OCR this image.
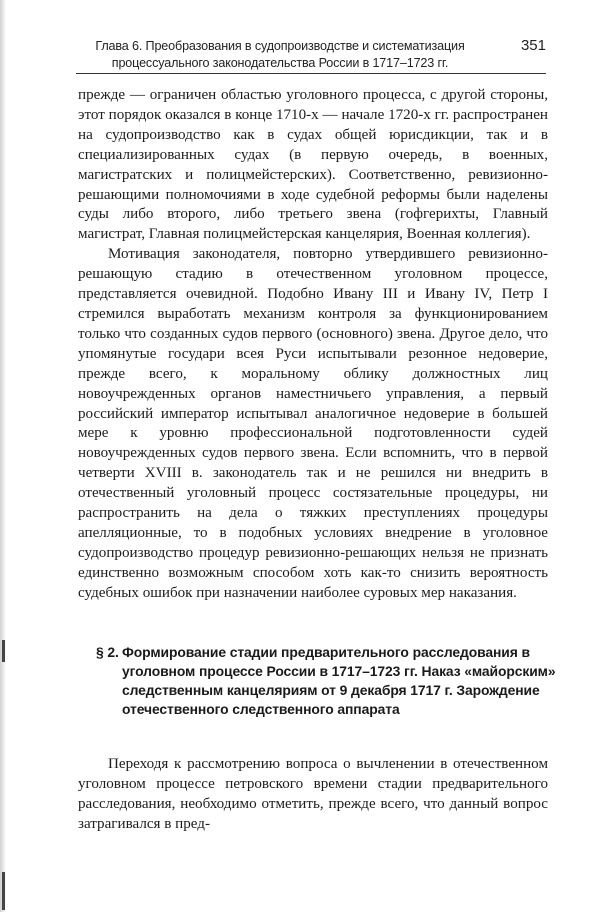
Глава 6. Преобразования в судопроизводстве и систематизация
процессуального законодательства России в 1717–1723 гг.
351

прежде — ограничен областью уголовного процесса, с другой стороны, этот порядок оказался в конце 1710-х — начале 1720-х гг. распространен на судопроизводство как в судах общей юрисдикции, так и в специализированных судах (в первую очередь, в военных, магистратских и полицмейстерских). Соответственно, ревизионно-решающими полномочиями в ходе судебной реформы были наделены суды либо второго, либо третьего звена (гофгерихты, Главный магистрат, Главная полицмейстерская канцелярия, Военная коллегия).

Мотивация законодателя, повторно утвердившего ревизионно-решающую стадию в отечественном уголовном процессе, представляется очевидной. Подобно Ивану III и Ивану IV, Петр I стремился выработать механизм контроля за функционированием только что созданных судов первого (основного) звена. Другое дело, что упомянутые государи всея Руси испытывали резонное недоверие, прежде всего, к моральному облику должностных лиц новоучрежденных органов наместничьего управления, а первый российский император испытывал аналогичное недоверие в большей мере к уровню профессиональной подготовленности судей новоучрежденных судов первого звена. Если вспомнить, что в первой четверти XVIII в. законодатель так и не решился ни внедрить в отечественный уголовный процесс состязательные процедуры, ни распространить на дела о тяжких преступлениях процедуры апелляционные, то в подобных условиях внедрение в уголовное судопроизводство процедур ревизионно-решающих нельзя не признать единственно возможным способом хоть как-то снизить вероятность судебных ошибок при назначении наиболее суровых мер наказания.

§ 2. Формирование стадии предварительного расследования в уголовном процессе России в 1717–1723 гг. Наказ «майорским» следственным канцеляриям от 9 декабря 1717 г. Зарождение отечественного следственного аппарата

Переходя к рассмотрению вопроса о вычленении в отечественном уголовном процессе петровского времени стадии предварительного расследования, необходимо отметить, прежде всего, что данный вопрос затрагивался в пред-
